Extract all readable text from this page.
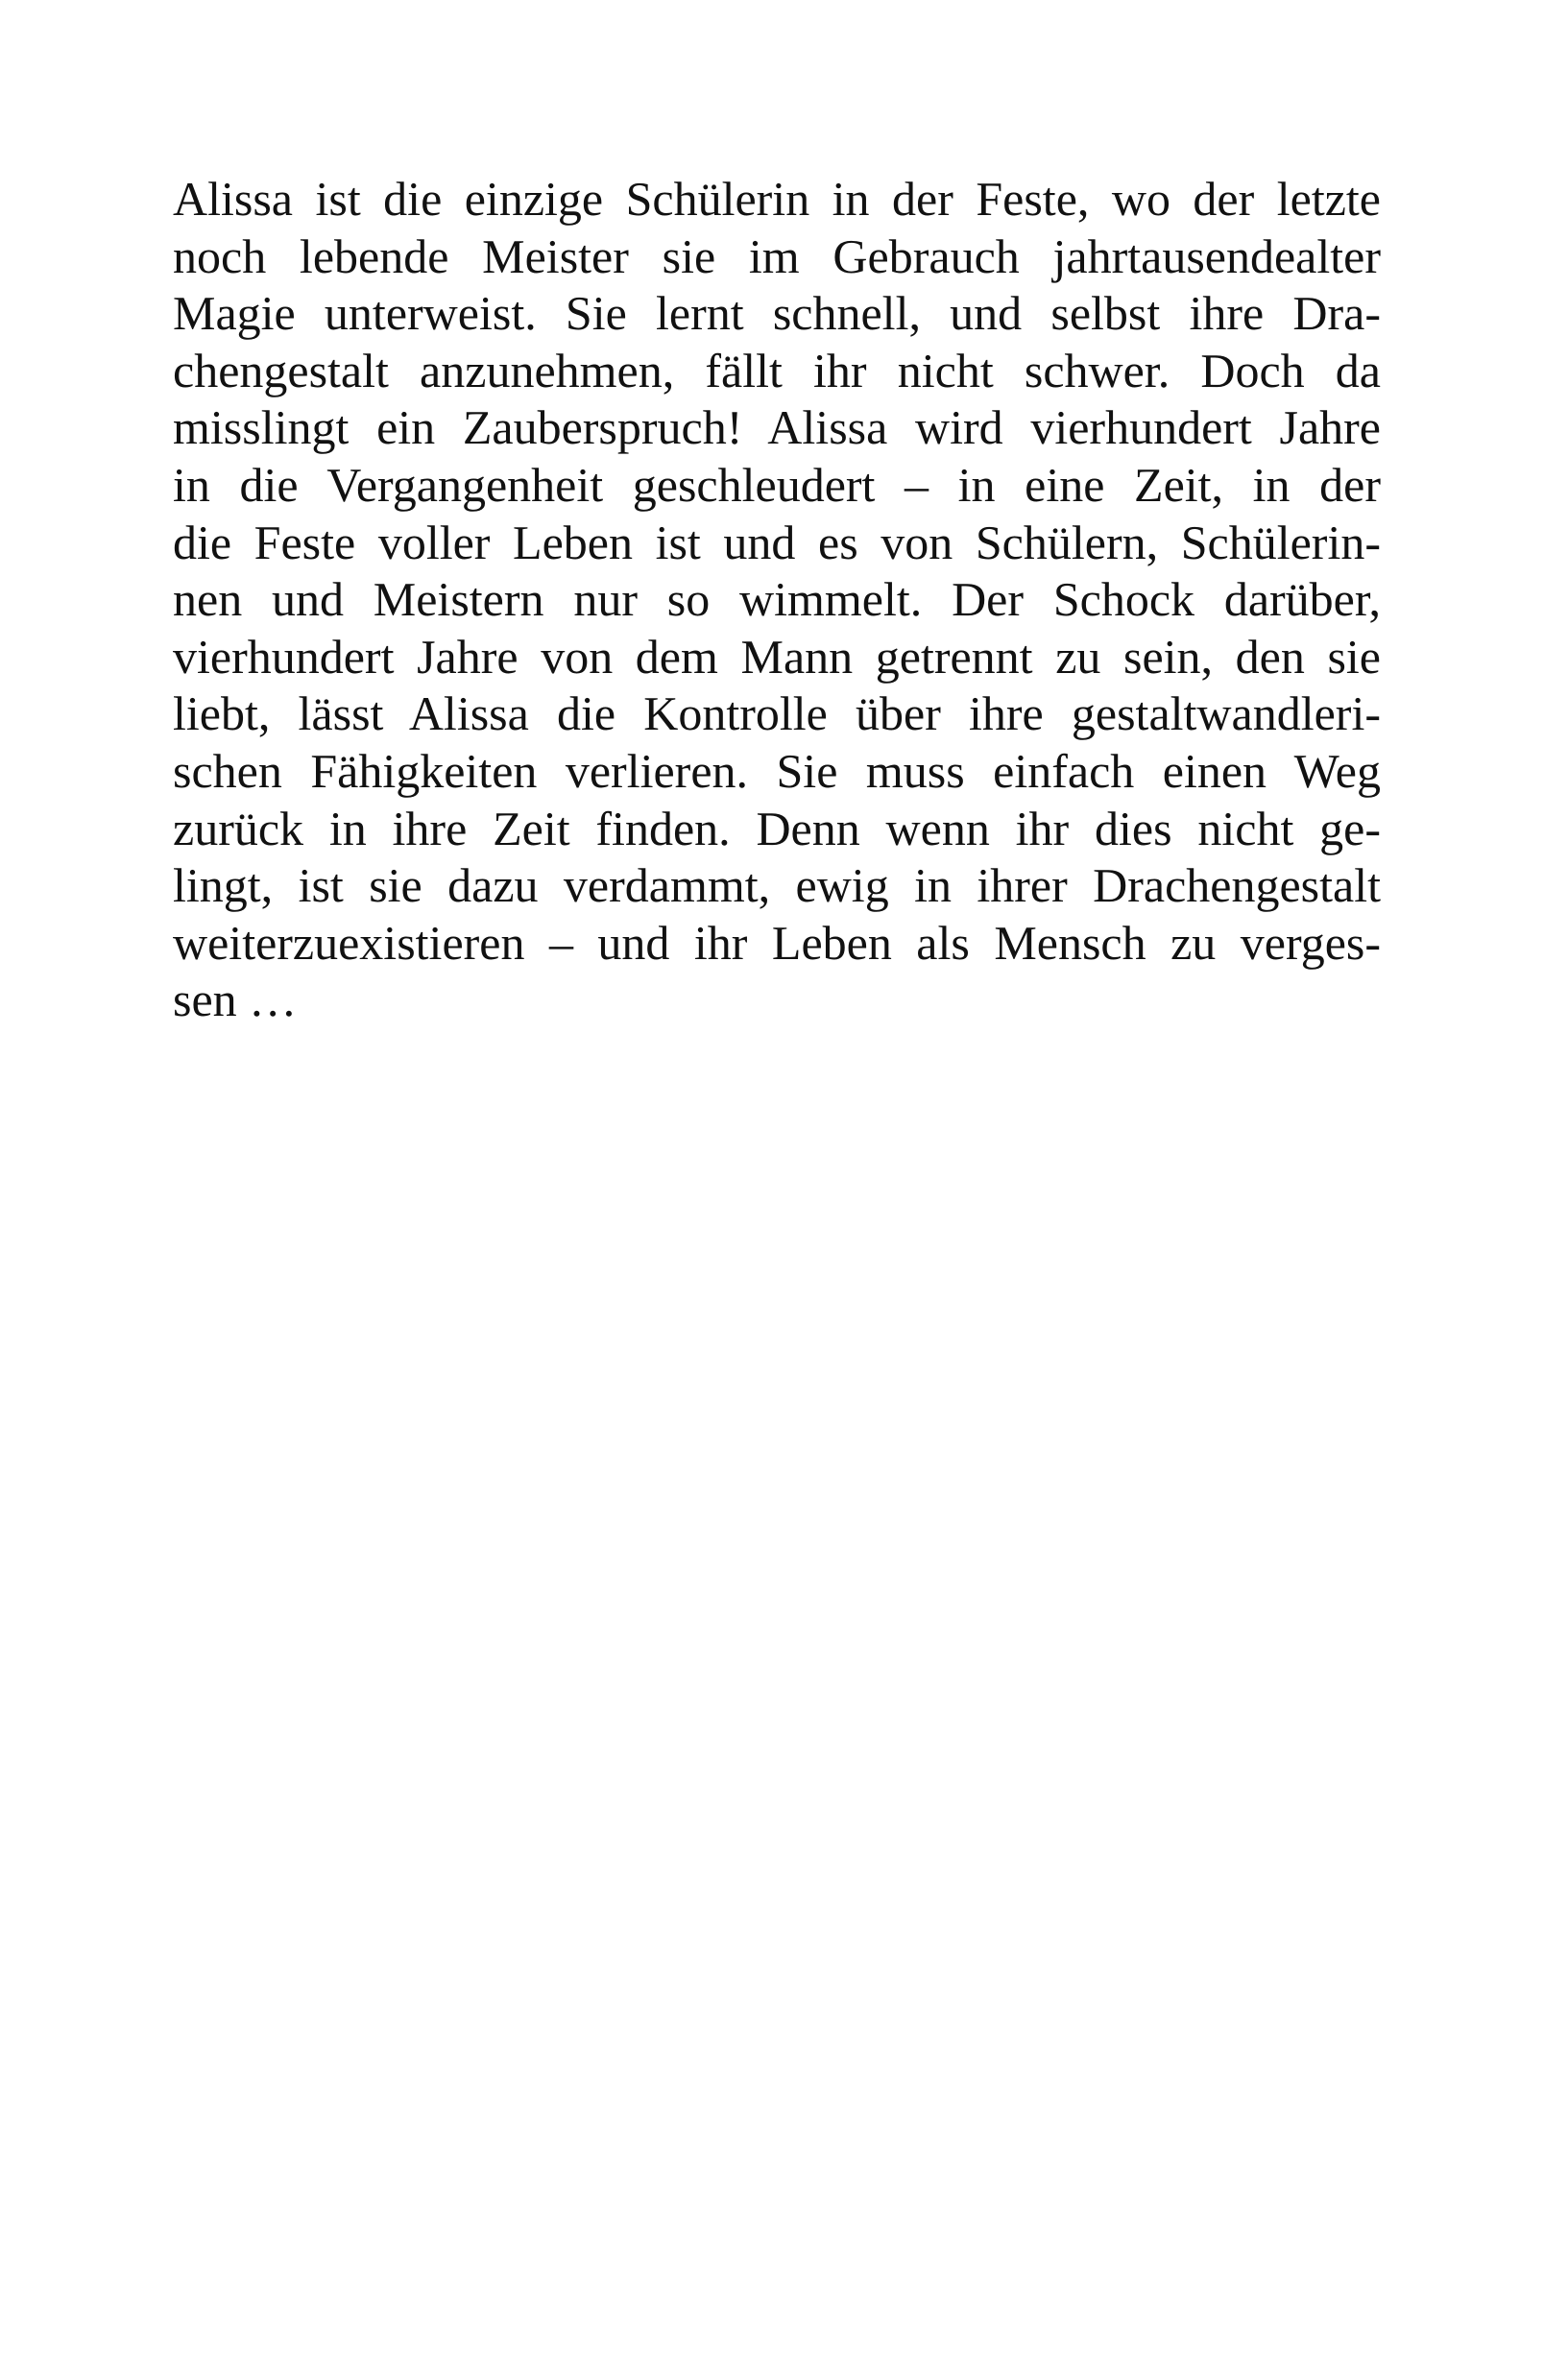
Alissa ist die einzige Schülerin in der Feste, wo der letzte
noch lebende Meister sie im Gebrauch jahrtausendealter
Magie unterweist. Sie lernt schnell, und selbst ihre Dra-
chengestalt anzunehmen, fällt ihr nicht schwer. Doch da
misslingt ein Zauberspruch! Alissa wird vierhundert Jahre
in die Vergangenheit geschleudert – in eine Zeit, in der
die Feste voller Leben ist und es von Schülern, Schülerin-
nen und Meistern nur so wimmelt. Der Schock darüber,
vierhundert Jahre von dem Mann getrennt zu sein, den sie
liebt, lässt Alissa die Kontrolle über ihre gestaltwandleri-
schen Fähigkeiten verlieren. Sie muss einfach einen Weg
zurück in ihre Zeit finden. Denn wenn ihr dies nicht ge-
lingt, ist sie dazu verdammt, ewig in ihrer Drachengestalt
weiterzuexistieren – und ihr Leben als Mensch zu verges-
sen …
